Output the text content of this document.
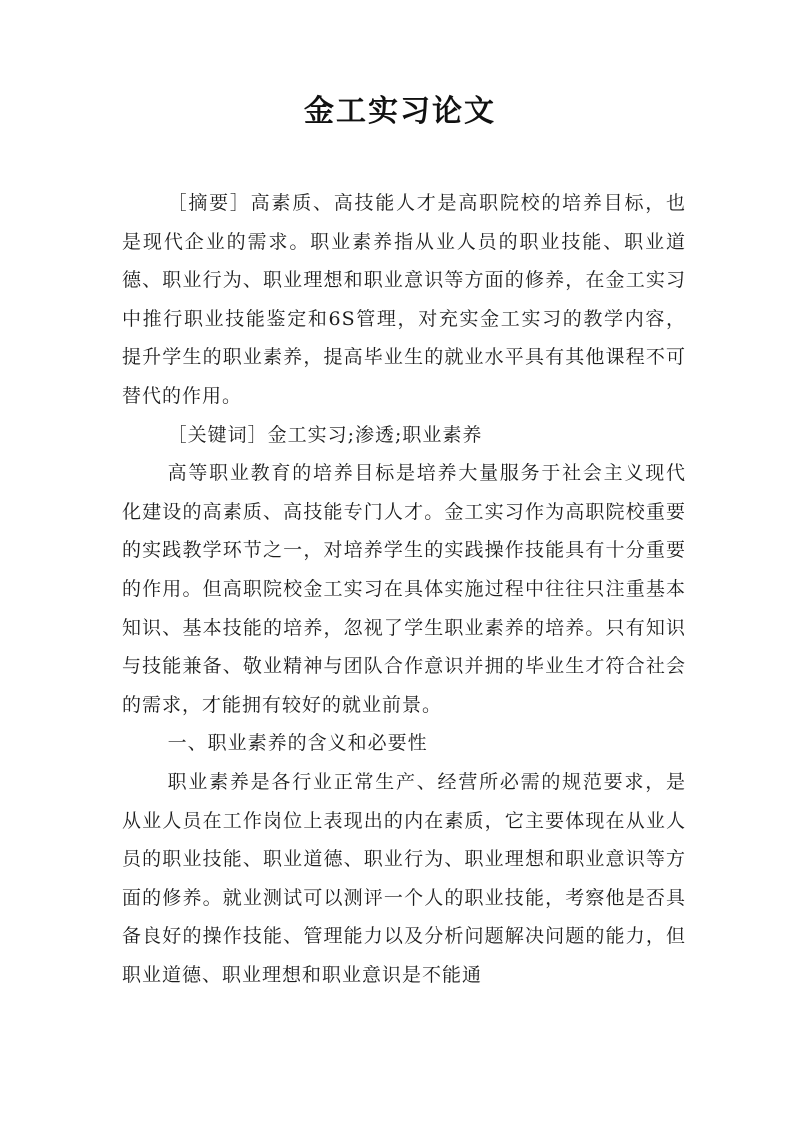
金工实习论文

［摘要］高素质、高技能人才是高职院校的培养目标，也是现代企业的需求。职业素养指从业人员的职业技能、职业道德、职业行为、职业理想和职业意识等方面的修养，在金工实习中推行职业技能鉴定和6S管理，对充实金工实习的教学内容，提升学生的职业素养，提高毕业生的就业水平具有其他课程不可替代的作用。

［关键词］金工实习;渗透;职业素养

高等职业教育的培养目标是培养大量服务于社会主义现代化建设的高素质、高技能专门人才。金工实习作为高职院校重要的实践教学环节之一，对培养学生的实践操作技能具有十分重要的作用。但高职院校金工实习在具体实施过程中往往只注重基本知识、基本技能的培养，忽视了学生职业素养的培养。只有知识与技能兼备、敬业精神与团队合作意识并拥的毕业生才符合社会的需求，才能拥有较好的就业前景。

一、职业素养的含义和必要性

职业素养是各行业正常生产、经营所必需的规范要求，是从业人员在工作岗位上表现出的内在素质，它主要体现在从业人员的职业技能、职业道德、职业行为、职业理想和职业意识等方面的修养。就业测试可以测评一个人的职业技能，考察他是否具备良好的操作技能、管理能力以及分析问题解决问题的能力，但职业道德、职业理想和职业意识是不能通
